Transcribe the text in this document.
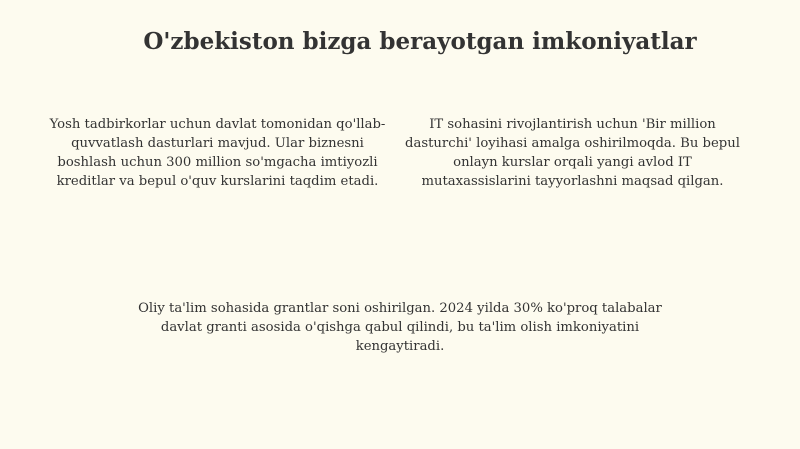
O'zbekiston bizga berayotgan imkoniyatlar

Yosh tadbirkorlar uchun davlat tomonidan qo'llab-quvvatlash dasturlari mavjud. Ular biznesni boshlash uchun 300 million so'mgacha imtiyozli kreditlar va bepul o'quv kurslarini taqdim etadi.

IT sohasini rivojlantirish uchun 'Bir million dasturchi' loyihasi amalga oshirilmoqda. Bu bepul onlayn kurslar orqali yangi avlod IT mutaxassislarini tayyorlashni maqsad qilgan.

Oliy ta'lim sohasida grantlar soni oshirilgan. 2024 yilda 30% ko'proq talabalar davlat granti asosida o'qishga qabul qilindi, bu ta'lim olish imkoniyatini kengaytiradi.
